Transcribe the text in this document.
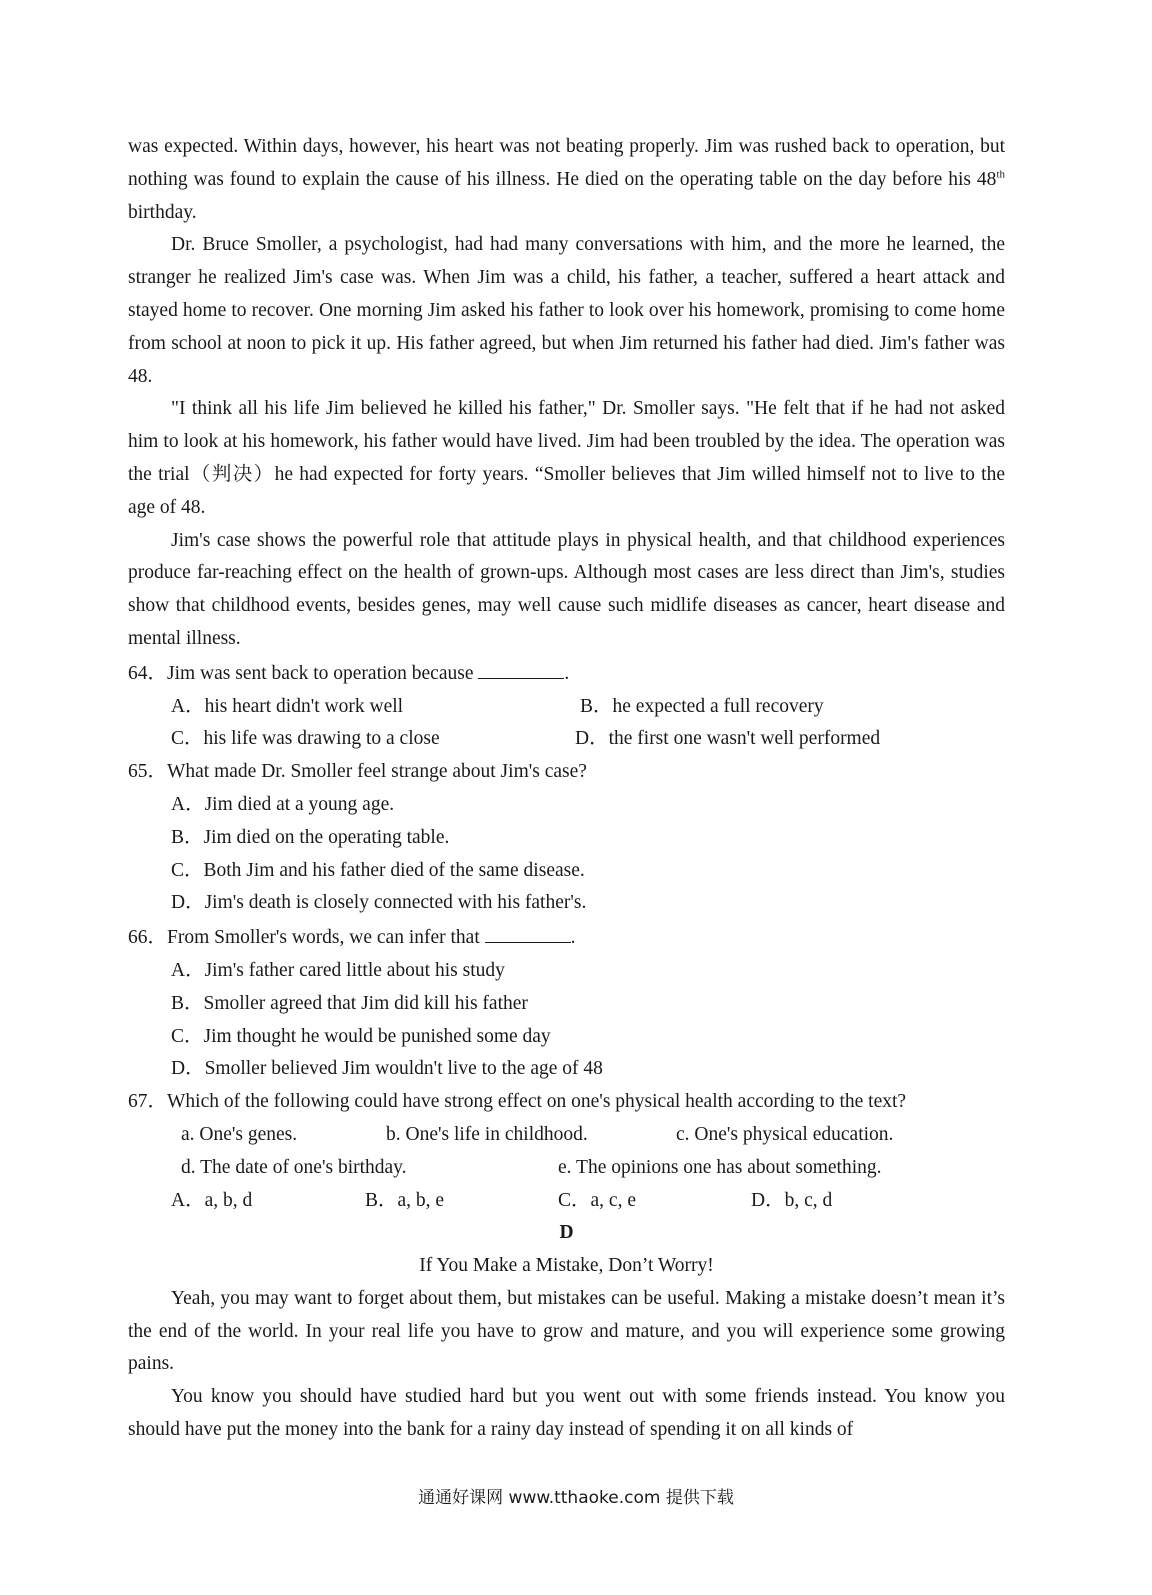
was expected. Within days, however, his heart was not beating properly. Jim was rushed back to operation, but nothing was found to explain the cause of his illness. He died on the operating table on the day before his 48th birthday.

Dr. Bruce Smoller, a psychologist, had had many conversations with him, and the more he learned, the stranger he realized Jim's case was. When Jim was a child, his father, a teacher, suffered a heart attack and stayed home to recover. One morning Jim asked his father to look over his homework, promising to come home from school at noon to pick it up. His father agreed, but when Jim returned his father had died. Jim's father was 48.

"I think all his life Jim believed he killed his father," Dr. Smoller says. "He felt that if he had not asked him to look at his homework, his father would have lived. Jim had been troubled by the idea. The operation was the trial（判决）he had expected for forty years. “Smoller believes that Jim willed himself not to live to the age of 48.

Jim's case shows the powerful role that attitude plays in physical health, and that childhood experiences produce far-reaching effect on the health of grown-ups. Although most cases are less direct than Jim's, studies show that childhood events, besides genes, may well cause such midlife diseases as cancer, heart disease and mental illness.

64．Jim was sent back to operation because	.

A．his heart didn't work well

	B．he expected a full recovery

C．his life was drawing to a close

	D．the first one wasn't well performed

65．What made Dr. Smoller feel strange about Jim's case?

A．Jim died at a young age.

B．Jim died on the operating table.

C．Both Jim and his father died of the same disease.

D．Jim's death is closely connected with his father's.

66．From Smoller's words, we can infer that	.

A．Jim's father cared little about his study

B．Smoller agreed that Jim did kill his father

C．Jim thought he would be punished some day

D．Smoller believed Jim wouldn't live to the age of 48

67．Which of the following could have strong effect on one's physical health according to the text?

a. One's genes.

	b. One's life in childhood.

	c. One's physical education.

d. The date of one's birthday.

	e. The opinions one has about something.

A．a, b, d

	B．a, b, e

	C．a, c, e

	D．b, c, d

D

If You Make a Mistake, Don’t Worry!

Yeah, you may want to forget about them, but mistakes can be useful. Making a mistake doesn’t mean it’s the end of the world. In your real life you have to grow and mature, and you will experience some growing pains.

You know you should have studied hard but you went out with some friends instead. You know you should have put the money into the bank for a rainy day instead of spending it on all kinds of

通通好课网 www.tthaoke.com 提供下载
